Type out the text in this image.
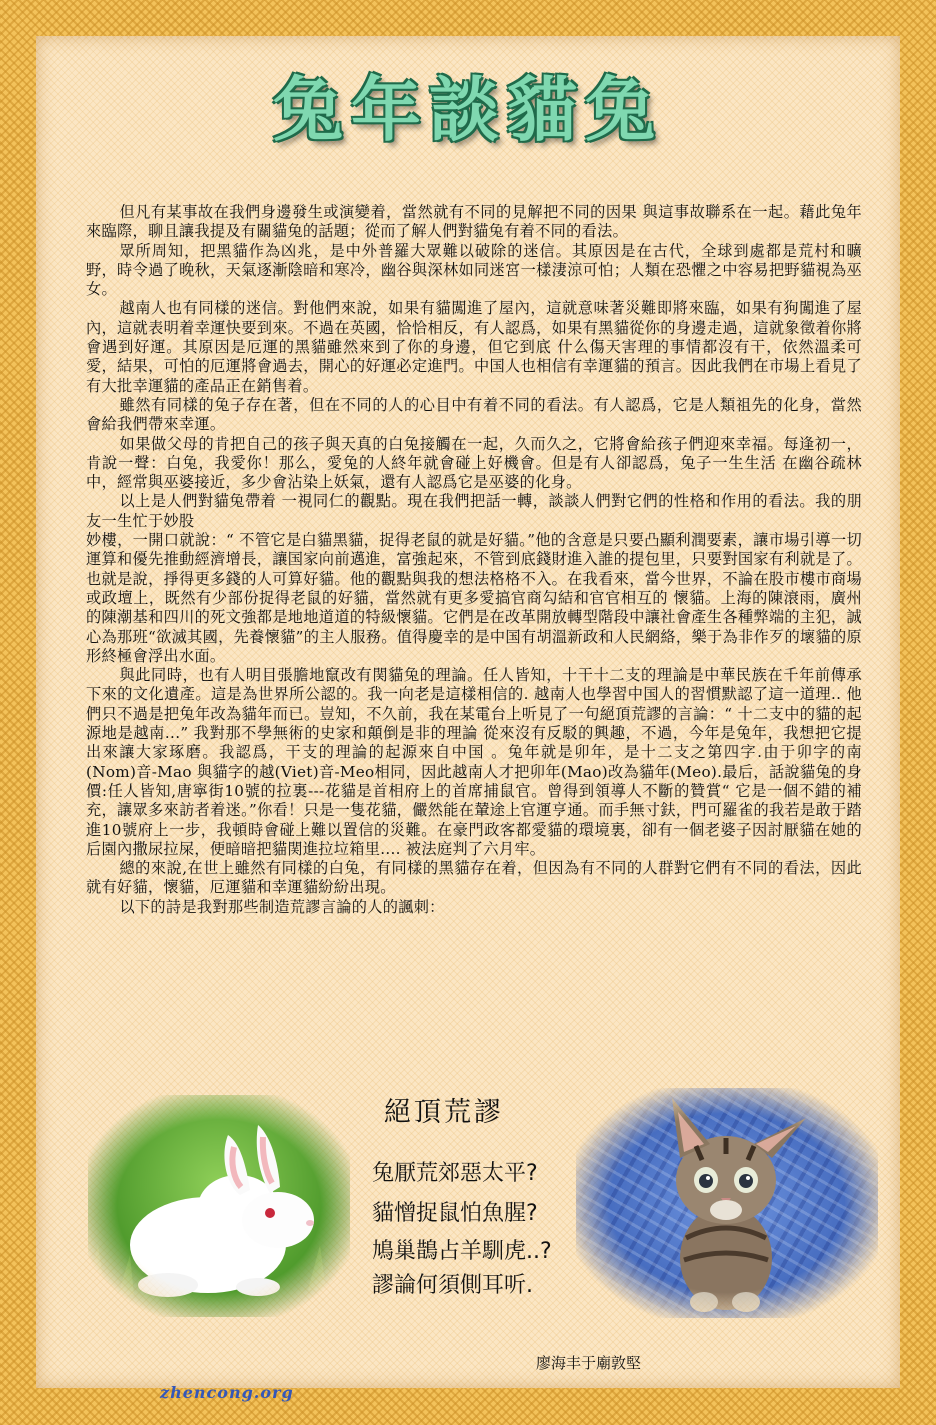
兔年談貓兔

但凡有某事故在我們身邊發生或演變着，當然就有不同的見解把不同的因果 與這事故聯系在一起。藉此兔年來臨際，聊且讓我提及有關貓兔的話題；從而了解人們對貓兔有着不同的看法。

眾所周知，把黑貓作為凶兆，是中外普羅大眾難以破除的迷信。其原因是在古代，全球到處都是荒村和曠野，時令過了晚秋，天氣逐漸陰暗和寒冷，幽谷與深林如同迷宮一樣淒涼可怕；人類在恐懼之中容易把野貓視為巫女。

越南人也有同樣的迷信。對他們來說，如果有貓闖進了屋內，這就意味著災難即將來臨，如果有狗闖進了屋內，這就表明着幸運快要到來。不過在英國，恰恰相反，有人認爲，如果有黑貓從你的身邊走過，這就象徵着你將會遇到好運。其原因是厄運的黑貓雖然來到了你的身邊，但它到底 什么傷天害理的事情都沒有干，依然溫柔可愛，結果，可怕的厄運將會過去，開心的好運必定進門。中国人也相信有幸運貓的預言。因此我們在市場上看見了有大批幸運貓的產品正在銷售着。

雖然有同樣的兔子存在著，但在不同的人的心目中有着不同的看法。有人認爲，它是人類祖先的化身，當然會給我們帶來幸運。

如果做父母的肯把自己的孩子與天真的白兔接觸在一起，久而久之，它將會給孩子們迎來幸福。每逢初一，肯說一聲：白兔，我愛你！那么，愛兔的人終年就會碰上好機會。但是有人卻認爲，兔子一生生活 在幽谷疏林中，經常與巫婆接近，多少會沾染上妖氣，還有人認爲它是巫婆的化身。

以上是人們對貓兔帶着 一視同仁的觀點。現在我們把話一轉，談談人們對它們的性格和作用的看法。我的朋友一生忙于妙股

妙樓，一開口就說：“ 不管它是白貓黑貓，捉得老鼠的就是好貓。”他的含意是只要凸顯利潤要素，讓市場引導一切運算和優先推動經濟增長，讓国家向前邁進，富強起來，不管到底錢財進入誰的提包里，只要對国家有利就是了。也就是說，掙得更多錢的人可算好貓。他的觀點與我的想法格格不入。在我看來，當今世界，不論在股市樓市商場或政壇上，既然有少部份捉得老鼠的好貓，當然就有更多愛搞官商勾結和官官相互的 懷貓。上海的陳滖雨，廣州的陳潮基和四川的死文強都是地地道道的特級懷貓。它們是在改革開放轉型階段中讓社會產生各種弊端的主犯，誠心為那班“欲滅其國，先養懷貓”的主人服務。值得慶幸的是中国有胡溫新政和人民網絡，樂于為非作歹的壞貓的原形終極會浮出水面。

與此同時，也有人明目張膽地竄改有関貓兔的理論。任人皆知，十干十二支的理論是中華民族在千年前傳承下來的文化遺產。這是為世界所公認的。我一向老是這樣相信的. 越南人也學習中国人的習慣默認了這一道理.. 他們只不過是把兔年改為貓年而已。豈知，不久前，我在某電台上听見了一句絕頂荒謬的言論：“ 十二支中的貓的起源地是越南...” 我對那不學無術的史家和顛倒是非的理論 從來沒有反駁的興趣，不過，今年是兔年，我想把它提出來讓大家琢磨。我認爲，干支的理論的起源來自中国 。兔年就是卯年，是十二支之第四字.由于卯字的南 (Nom)音-Mao 與貓字的越(Viet)音-Meo相同，因此越南人才把卯年(Mao)改為貓年(Meo).最后，話說貓兔的身價:任人皆知,唐寧街10號的拉裏---花貓是首相府上的首席捕鼠官。曾得到領導人不斷的贊賞“ 它是一個不錯的補充，讓眾多來訪者着迷。”你看！只是一隻花貓，儼然能在輦途上官運亨通。而手無寸鈇，門可羅雀的我若是敢于踏進10號府上一步，我頓時會碰上難以置信的災難。在豪門政客都愛貓的環境裏，卻有一個老婆子因討厭貓在她的后園內撒尿拉屎，便暗暗把貓関進拉垃箱里.... 被法庭判了六月牢。

總的來說,在世上雖然有同樣的白兔，有同樣的黑貓存在着，但因為有不同的人群對它們有不同的看法，因此就有好貓，懷貓，厄運貓和幸運貓紛紛出現。

以下的詩是我對那些制造荒謬言論的人的諷刺：

絕頂荒謬
兔厭荒郊惡太平?
貓憎捉鼠怕魚腥?
鳩巢鵲占羊馴虎..?
謬論何須側耳听.
廖海丰于廟敦堅
zhencong.org
